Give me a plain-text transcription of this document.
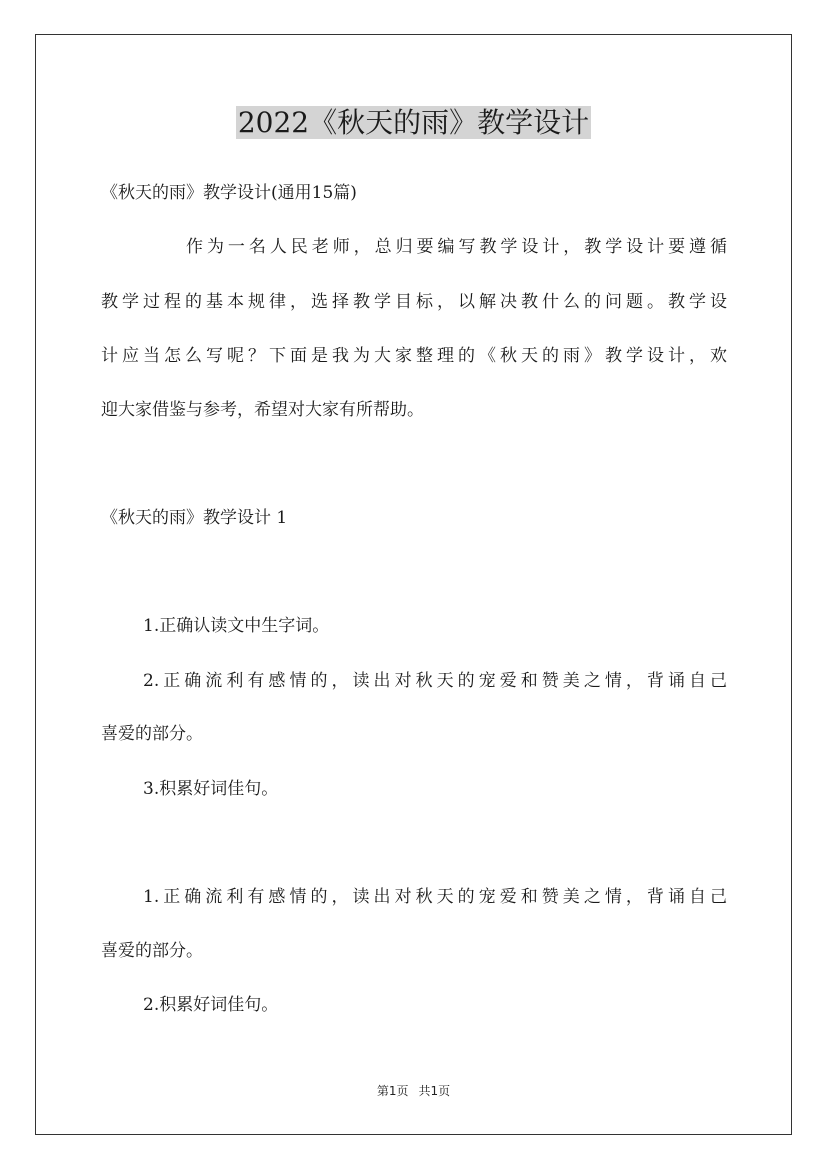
2022《秋天的雨》教学设计
《秋天的雨》教学设计(通用15篇)
作为一名人民老师，总归要编写教学设计，教学设计要遵循
教学过程的基本规律，选择教学目标，以解决教什么的问题。教学设
计应当怎么写呢？下面是我为大家整理的《秋天的雨》教学设计，欢
迎大家借鉴与参考，希望对大家有所帮助。
《秋天的雨》教学设计 1
1.正确认读文中生字词。
2.正确流利有感情的，读出对秋天的宠爱和赞美之情，背诵自己
喜爱的部分。
3.积累好词佳句。
1.正确流利有感情的，读出对秋天的宠爱和赞美之情，背诵自己
喜爱的部分。
2.积累好词佳句。
第1页 共1页
